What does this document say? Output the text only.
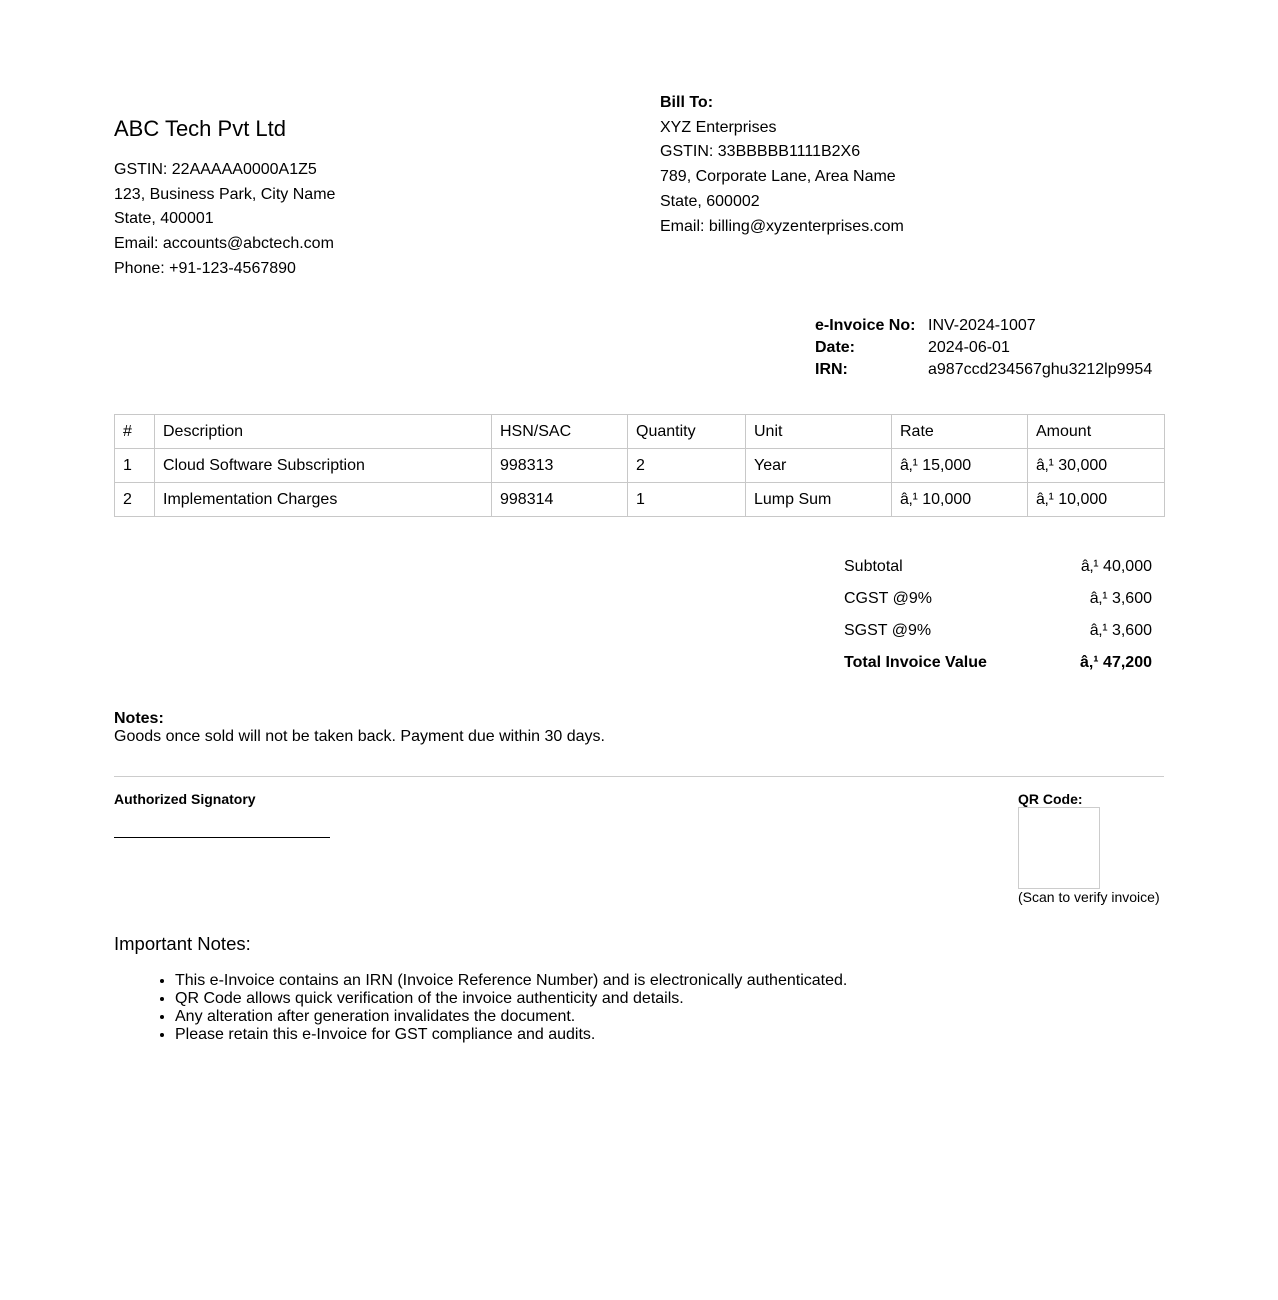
ABC Tech Pvt Ltd
GSTIN: 22AAAAA0000A1Z5
123, Business Park, City Name
State, 400001
Email: accounts@abctech.com
Phone: +91-123-4567890
Bill To:
XYZ Enterprises
GSTIN: 33BBBBB1111B2X6
789, Corporate Lane, Area Name
State, 600002
Email: billing@xyzenterprises.com
e-Invoice No:	INV-2024-1007
Date:	2024-06-01
IRN:	a987ccd234567ghu3212lp9954
#	Description	HSN/SAC	Quantity	Unit	Rate	Amount
1	Cloud Software Subscription	998313	2	Year	â‚¹ 15,000	â‚¹ 30,000
2	Implementation Charges	998314	1	Lump Sum	â‚¹ 10,000	â‚¹ 10,000
Subtotal	â‚¹ 40,000
CGST @9%	â‚¹ 3,600
SGST @9%	â‚¹ 3,600
Total Invoice Value	â‚¹ 47,200
Notes:
Goods once sold will not be taken back. Payment due within 30 days.
Authorized Signatory	QR Code:
(Scan to verify invoice)
Important Notes:
• This e-Invoice contains an IRN (Invoice Reference Number) and is electronically authenticated.
• QR Code allows quick verification of the invoice authenticity and details.
• Any alteration after generation invalidates the document.
• Please retain this e-Invoice for GST compliance and audits.
